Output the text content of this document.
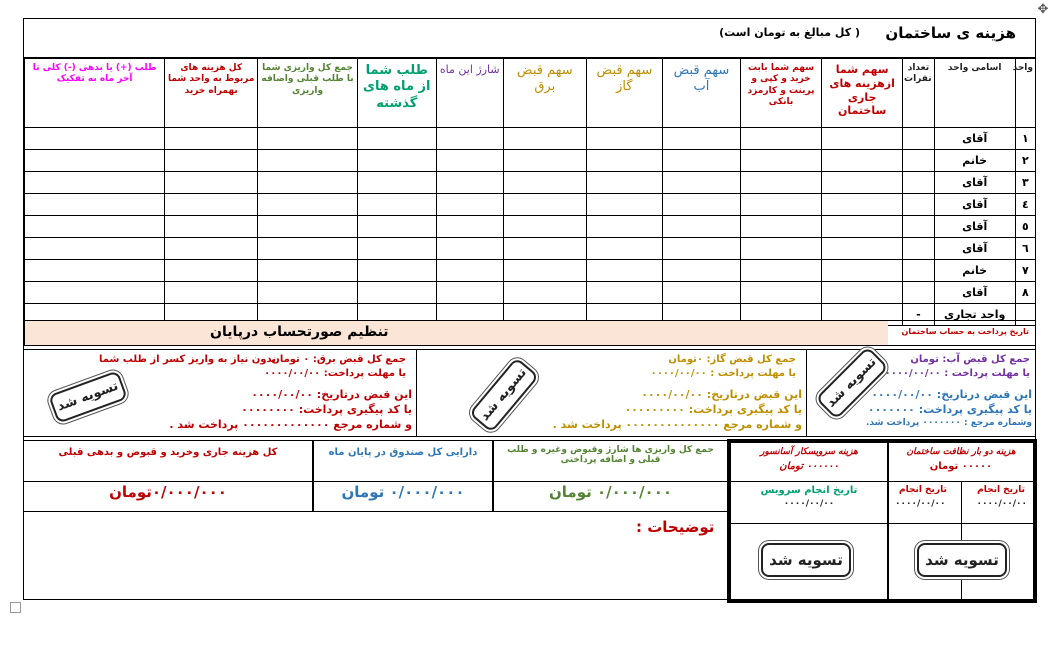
✥
هزینه ی ساختمان
( کل مبالغ به تومان است)
واحد	اسامی واحد	تعداد نفرات	سهم شما ازهزینه های جاری ساختمان	سهم شما بابت خرید و کپی و پرینت و کارمزد بانکی	سهم قبض آب	سهم قبض گاز	سهم قبض برق	شارژ این ماه	طلب شما از ماه های گذشته	جمع کل واریزی شما با طلب قبلی واضافه واریزی	کل هزینه های مربوط به واحد شما بهمراه خرید	طلب (+) یا بدهی (-) کلی تا آخر ماه به تفکیک	
١	آقای												
٢	خانم												
٣	آقای												
٤	آقای												
٥	آقای												
٦	آقای												
٧	خانم												
٨	آقای												
	واحد تجاری	-											
تنظیم صورتحساب درپایان	تاریخ پرداخت به حساب ساختمان
جمع کل قبض آب: تومان
یا مهلت پرداخت : ٠٠٠٠/٠٠/٠٠
این قبض درتاریخ: ٠٠٠٠/٠٠/٠٠
یا کد پیگیری پرداخت: ٠٠٠٠٠٠٠
وشماره مرجع : ٠٠٠٠٠٠٠ پرداخت شد.
تسویه شد
جمع کل قبض گاز: ٠تومان
یا مهلت پرداخت : ٠٠٠٠/٠٠/٠٠
این قبض درتاریخ: ٠٠٠٠/٠٠/٠٠
یا کد پیگیری پرداخت: ٠٠٠٠٠٠٠٠٠
و شماره مرجع ٠٠٠٠٠٠٠٠٠٠٠٠٠٠ پرداخت شد .
تسویه شد
جمع کل قبض برق: ٠ تومان
بدون نیاز به واریز کسر از طلب شما
یا مهلت پرداخت: ٠٠٠٠/٠٠/٠٠
این قبض درتاریخ: ٠٠٠٠/٠٠/٠٠
یا کد پیگیری پرداخت: ٠٠٠٠٠٠٠٠
و شماره مرجع ٠٠٠٠٠٠٠٠٠٠٠٠٠ پرداخت شد .
تسویه شد
جمع کل واریزی ها شارژ وقبوض وغیره و طلب قبلی و اضافه پرداختی
٠/٠٠٠/٠٠٠ تومان
دارایی کل صندوق در پایان ماه
٠/٠٠٠/٠٠٠ تومان
کل هزینه جاری وخرید و قبوض و بدهی قبلی
٠/٠٠٠/٠٠٠تومان
توضیحات :
هزینه دو بار نظافت ساختمان
٠٠٠٠٠ تومان
تاریخ انجام
٠٠٠٠/٠٠/٠٠
تاریخ انجام
٠٠٠٠/٠٠/٠٠
تسویه شد
هزینه سرویسکار آسانسور
٠٠٠٠٠٠ تومان
تاریخ انجام سرویس
٠٠٠٠/٠٠/٠٠
تسویه شد
